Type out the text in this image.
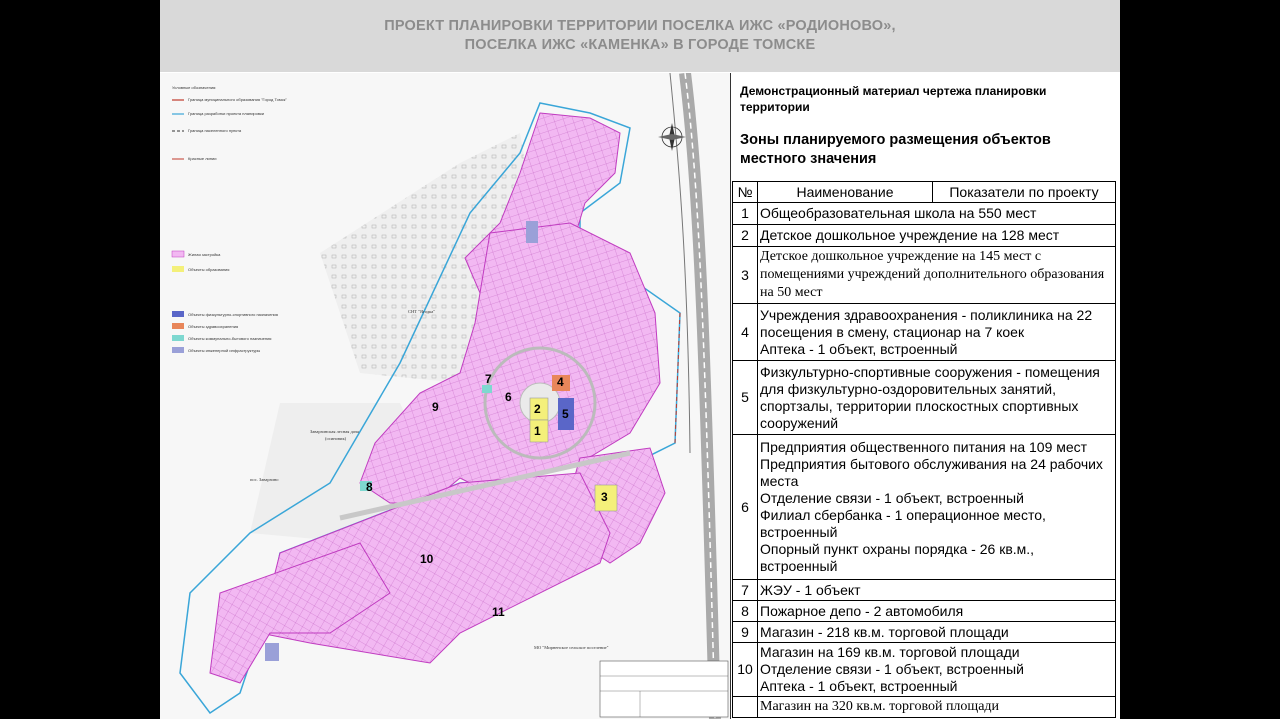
ПРОЕКТ ПЛАНИРОВКИ ТЕРРИТОРИИ ПОСЕЛКА ИЖС «РОДИОНОВО»,
ПОСЕЛКА ИЖС «КАМЕНКА» В ГОРОДЕ ТОМСКЕ
1
2
3
4
5
6
7
8
9
10
11
Условные обозначения:
Граница муниципального образования "Город Томск"
Граница разработки проекта планировки
Граница населенного пункта
Красные линии
Жилая застройка
Объекты образования
Объекты физкультурно-спортивного назначения
Объекты здравоохранения
Объекты коммунально-бытового назначения
Объекты инженерной инфраструктуры
Заварзинская лесная дача
(осиновик)
МО "Мирненское сельское поселение"
СНТ "Ягодка"
пос. Заварзино
Демонстрационный материал чертежа планировки территории
Зоны планируемого размещения объектов местного значения
№	Наименование	Показатели по проекту
1	Общеобразовательная школа на 550 мест	
2	Детское дошкольное учреждение на 128 мест	
3	Детское дошкольное учреждение на 145 мест с помещениями учреждений дополнительного образования на 50 мест	
4	Учреждения здравоохранения - поликлиника на 22 посещения в смену, стационар на 7 коек
Аптека - 1 объект, встроенный	
5	Физкультурно-спортивные сооружения - помещения для физкультурно-оздоровительных занятий, спортзалы, территории плоскостных спортивных сооружений	
6	Предприятия общественного питания на 109 мест
Предприятия бытового обслуживания на 24 рабочих места
Отделение связи - 1 объект, встроенный
Филиал сбербанка - 1 операционное место, встроенный
Опорный пункт охраны порядка - 26 кв.м., встроенный	
7	ЖЭУ - 1 объект	
8	Пожарное депо - 2 автомобиля	
9	Магазин - 218 кв.м. торговой площади	
10	Магазин на 169 кв.м. торговой площади
Отделение связи - 1 объект, встроенный
Аптека - 1 объект, встроенный	
	Магазин на 320 кв.м. торговой площади	
